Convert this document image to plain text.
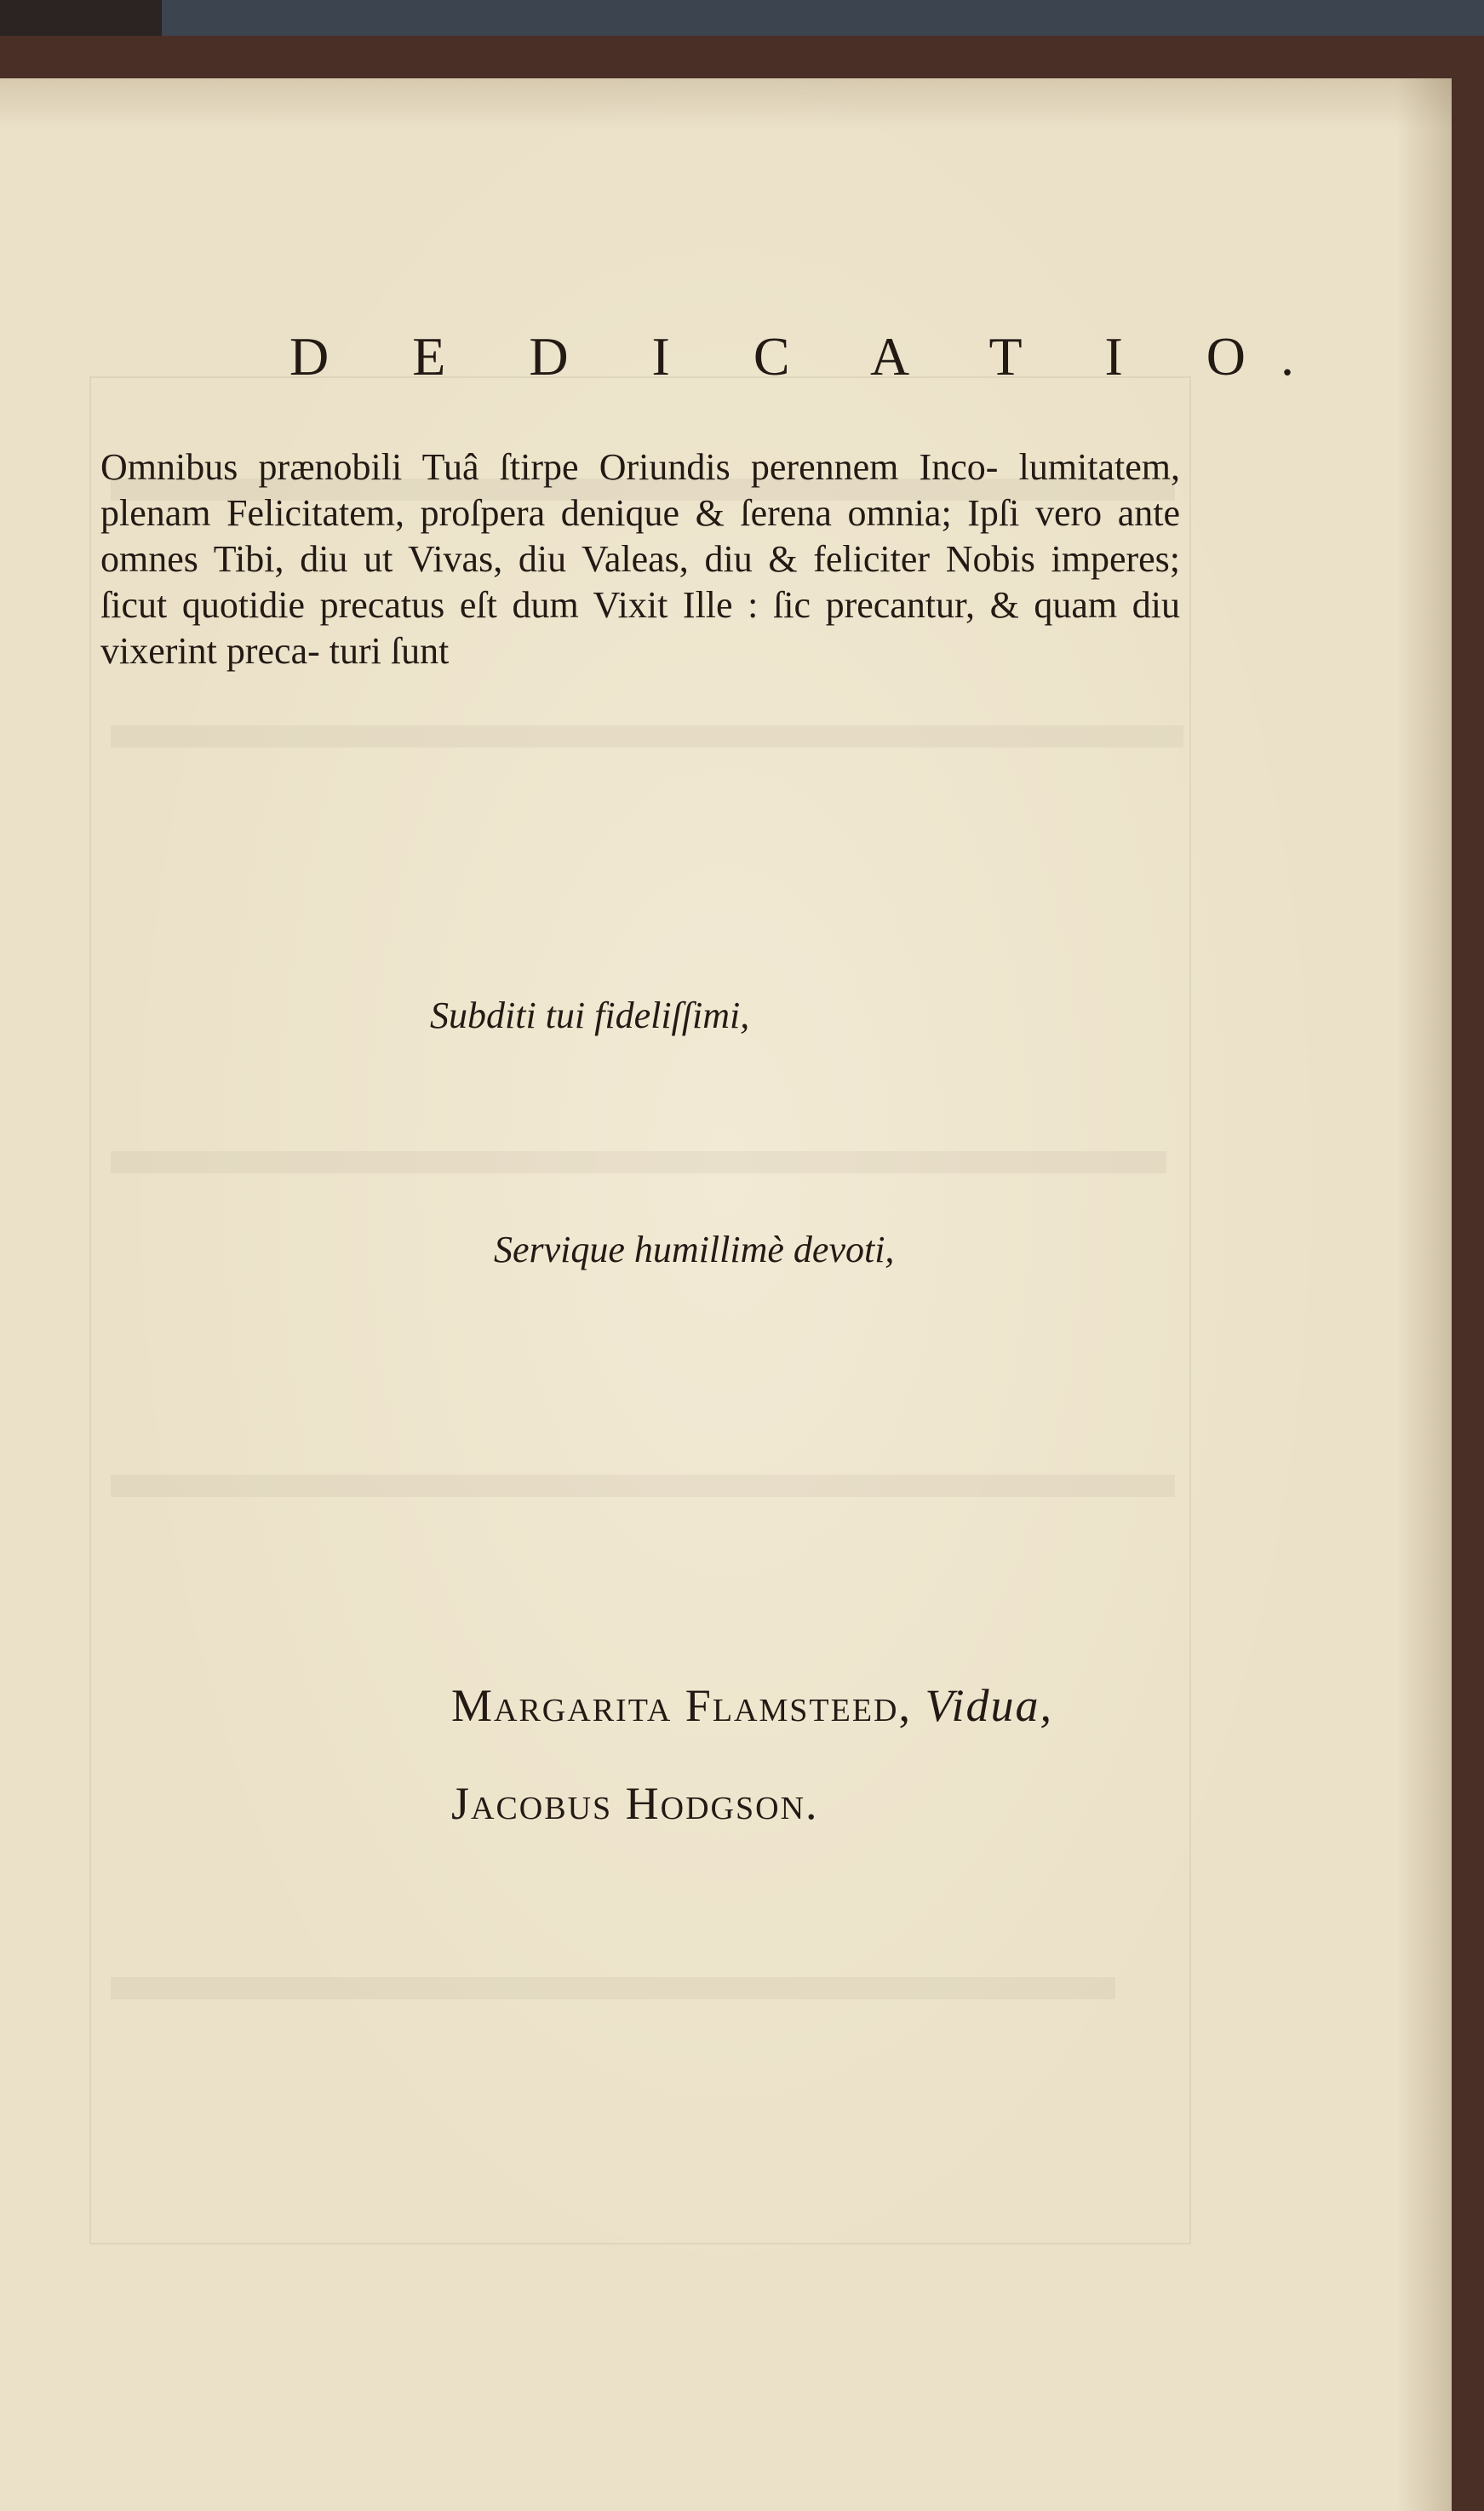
D E D I C A T I O.

Omnibus prænobili Tuâ ſtirpe Oriundis perennem Inco- lumitatem, plenam Felicitatem, proſpera denique & ſerena omnia; Ipſi vero ante omnes Tibi, diu ut Vivas, diu Valeas, diu & feliciter Nobis imperes; ſicut quotidie precatus eſt dum Vixit Ille : ſic precantur, & quam diu vixerint preca- turi ſunt

Subditi tui fideliſſimi,
Servique humillimè devoti,
Margarita Flamsteed, Vidua,
Jacobus Hodgson.
